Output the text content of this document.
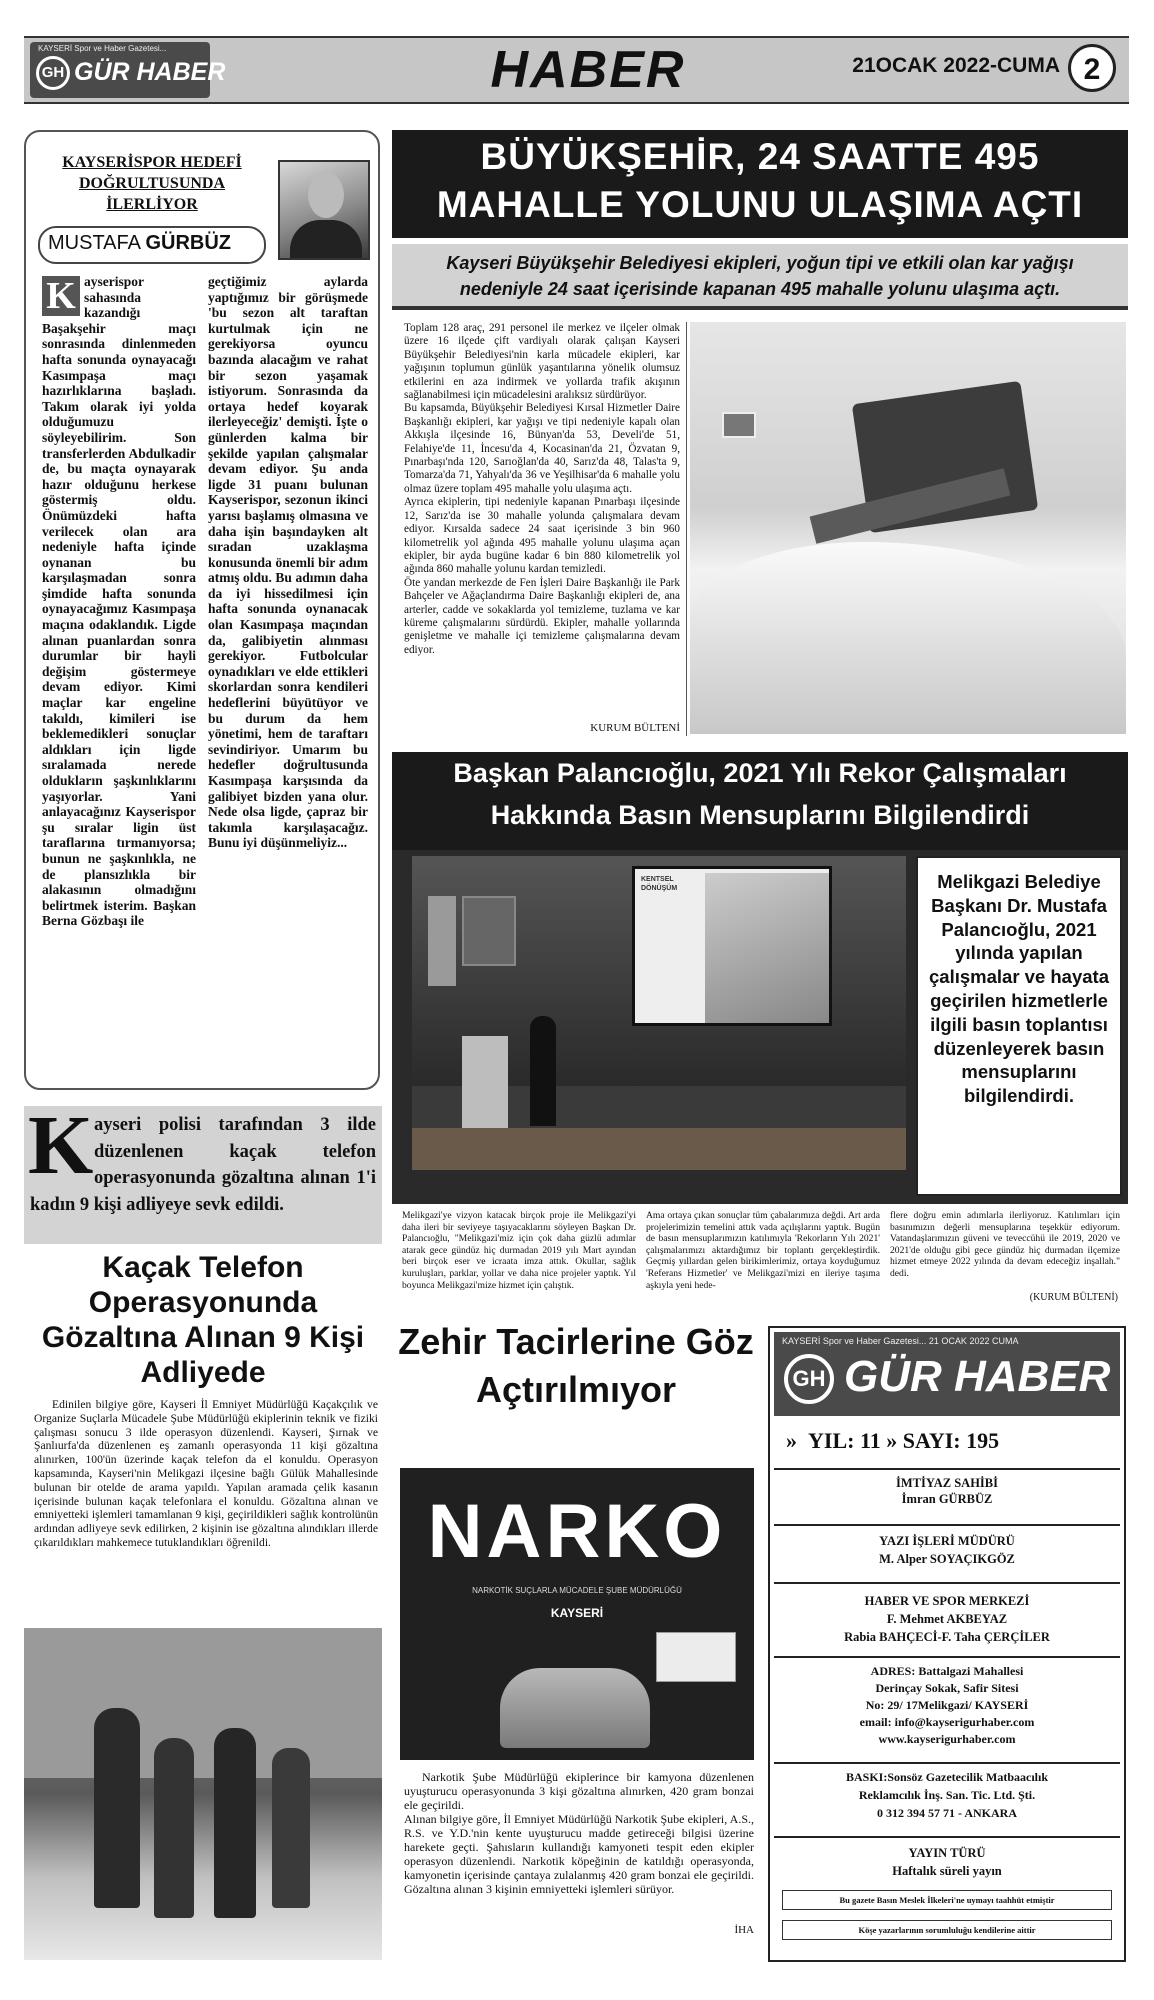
KAYSERİ Spor ve Haber Gazetesi...
GH GÜR HABER	HABER	21OCAK 2022-CUMA 2
KAYSERİSPOR HEDEFİ DOĞRULTUSUNDA İLERLİYOR
MUSTAFA GÜRBÜZ
K ayserispor sahasında kazandığı Başakşehir maçı sonrasında dinlenmeden hafta sonunda oynayacağı Kasımpaşa maçı hazırlıklarına başladı. Takım olarak iyi yolda olduğumuzu söyleyebilirim. Son transferlerden Abdulkadir de, bu maçta oynayarak hazır olduğunu herkese göstermiş oldu. Önümüzdeki hafta verilecek olan ara nedeniyle hafta içinde oynanan bu karşılaşmadan sonra şimdide hafta sonunda oynayacağımız Kasımpaşa maçına odaklandık. Ligde alınan puanlardan sonra durumlar bir hayli değişim göstermeye devam ediyor. Kimi maçlar kar engeline takıldı, kimileri ise beklemedikleri sonuçlar aldıkları için ligde sıralamada nerede oldukların şaşkınlıklarını yaşıyorlar. Yani anlayacağınız Kayserispor şu sıralar ligin üst taraflarına tırmanıyorsa; bunun ne şaşkınlıkla, ne de plansızlıkla bir alakasının olmadığını belirtmek isterim. Başkan Berna Gözbaşı ile
geçtiğimiz aylarda yaptığımız bir görüşmede 'bu sezon alt taraftan kurtulmak için ne gerekiyorsa oyuncu bazında alacağım ve rahat bir sezon yaşamak istiyorum. Sonrasında da ortaya hedef koyarak ilerleyeceğiz' demişti. İşte o günlerden kalma bir şekilde yapılan çalışmalar devam ediyor. Şu anda ligde 31 puanı bulunan Kayserispor, sezonun ikinci yarısı başlamış olmasına ve daha işin başındayken alt sıradan uzaklaşma konusunda önemli bir adım atmış oldu. Bu adımın daha da iyi hissedilmesi için hafta sonunda oynanacak olan Kasımpaşa maçından da, galibiyetin alınması gerekiyor. Futbolcular oynadıkları ve elde ettikleri skorlardan sonra kendileri hedeflerini büyütüyor ve bu durum da hem yönetimi, hem de taraftarı sevindiriyor. Umarım bu hedefler doğrultusunda Kasımpaşa karşısında da galibiyet bizden yana olur. Nede olsa ligde, çapraz bir takımla karşılaşacağız. Bunu iyi düşünmeliyiz...
BÜYÜKŞEHİR, 24 SAATTE 495
MAHALLE YOLUNU ULAŞIMA AÇTI
Kayseri Büyükşehir Belediyesi ekipleri, yoğun tipi ve etkili olan kar yağışı nedeniyle 24 saat içerisinde kapanan 495 mahalle yolunu ulaşıma açtı.
Toplam 128 araç, 291 personel ile merkez ve ilçeler olmak üzere 16 ilçede çift vardiyalı olarak çalışan Kayseri Büyükşehir Belediyesi'nin karla mücadele ekipleri, kar yağışının toplumun günlük yaşantılarına yönelik olumsuz etkilerini en aza indirmek ve yollarda trafik akışının sağlanabilmesi için mücadelesini aralıksız sürdürüyor.
Bu kapsamda, Büyükşehir Belediyesi Kırsal Hizmetler Daire Başkanlığı ekipleri, kar yağışı ve tipi nedeniyle kapalı olan Akkışla ilçesinde 16, Bünyan'da 53, Develi'de 51, Felahiye'de 11, İncesu'da 4, Kocasinan'da 21, Özvatan 9, Pınarbaşı'nda 120, Sarıoğlan'da 40, Sarız'da 48, Talas'ta 9, Tomarza'da 71, Yahyalı'da 36 ve Yeşilhisar'da 6 mahalle yolu olmaz üzere toplam 495 mahalle yolu ulaşıma açtı.
Ayrıca ekiplerin, tipi nedeniyle kapanan Pınarbaşı ilçesinde 12, Sarız'da ise 30 mahalle yolunda çalışmalara devam ediyor. Kırsalda sadece 24 saat içerisinde 3 bin 960 kilometrelik yol ağında 495 mahalle yolunu ulaşıma açan ekipler, bir ayda bugüne kadar 6 bin 880 kilometrelik yol ağında 860 mahalle yolunu kardan temizledi.
Öte yandan merkezde de Fen İşleri Daire Başkanlığı ile Park Bahçeler ve Ağaçlandırma Daire Başkanlığı ekipleri de, ana arterler, cadde ve sokaklarda yol temizleme, tuzlama ve kar küreme çalışmalarını sürdürdü. Ekipler, mahalle yollarında genişletme ve mahalle içi temizleme çalışmalarına devam ediyor.
KURUM BÜLTENİ
Başkan Palancıoğlu, 2021 Yılı Rekor Çalışmaları
Hakkında Basın Mensuplarını Bilgilendirdi
KENTSEL DÖNÜŞÜM	Melikgazi Belediye Başkanı Dr. Mustafa Palancıoğlu, 2021 yılında yapılan çalışmalar ve hayata geçirilen hizmetlerle ilgili basın toplantısı düzenleyerek basın mensuplarını bilgilendirdi.
Melikgazi'ye vizyon katacak birçok proje ile Melikgazi'yi daha ileri bir seviyeye taşıyacaklarını söyleyen Başkan Dr. Palancıoğlu, "Melikgazi'miz için çok daha güzlü adımlar atarak gece gündüz hiç durmadan 2019 yılı Mart ayından beri birçok eser ve icraata imza attık. Okullar, sağlık kuruluşları, parklar, yollar ve daha nice projeler yaptık. Yıl boyunca Melikgazi'mize hizmet için çalıştık.
Ama ortaya çıkan sonuçlar tüm çabalarımıza değdi. Art arda projelerimizin temelini attık vada açılışlarını yaptık. Bugün de basın mensuplarımızın katılımıyla 'Rekorların Yılı 2021' çalışmalarımızı aktardığımız bir toplantı gerçekleştirdik. Geçmiş yıllardan gelen birikimlerimiz, ortaya koyduğumuz 'Referans Hizmetler' ve Melikgazi'mizi en ileriye taşıma aşkıyla yeni hede-
flere doğru emin adımlarla ilerliyoruz. Katılımları için basınımızın değerli mensuplarına teşekkür ediyorum. Vatandaşlarımızın güveni ve teveccühü ile 2019, 2020 ve 2021'de olduğu gibi gece gündüz hiç durmadan ilçemize hizmet etmeye 2022 yılında da devam edeceğiz inşallah." dedi.
(KURUM BÜLTENİ)
K ayseri polisi tarafından 3 ilde düzenlenen kaçak telefon operasyonunda gözaltına alınan 1'i kadın 9 kişi adliyeye sevk edildi.
Kaçak Telefon Operasyonunda Gözaltına Alınan 9 Kişi Adliyede
Edinilen bilgiye göre, Kayseri İl Emniyet Müdürlüğü Kaçakçılık ve Organize Suçlarla Mücadele Şube Müdürlüğü ekiplerinin teknik ve fiziki çalışması sonucu 3 ilde operasyon düzenlendi. Kayseri, Şırnak ve Şanlıurfa'da düzenlenen eş zamanlı operasyonda 11 kişi gözaltına alınırken, 100'ün üzerinde kaçak telefon da el konuldu. Operasyon kapsamında, Kayseri'nin Melikgazi ilçesine bağlı Gülük Mahallesinde bulunan bir otelde de arama yapıldı. Yapılan aramada çelik kasanın içerisinde bulunan kaçak telefonlara el konuldu. Gözaltına alınan ve emniyetteki işlemleri tamamlanan 9 kişi, geçirildikleri sağlık kontrolünün ardından adliyeye sevk edilirken, 2 kişinin ise gözaltına alındıkları illerde çıkarıldıkları mahkemece tutuklandıkları öğrenildi.
Zehir Tacirlerine Göz Açtırılmıyor
NARKO
NARKOTİK SUÇLARLA MÜCADELE ŞUBE MÜDÜRLÜĞÜ
KAYSERİ
Narkotik Şube Müdürlüğü ekiplerince bir kamyona düzenlenen uyuşturucu operasyonunda 3 kişi gözaltına alınırken, 420 gram bonzai ele geçirildi.
Alınan bilgiye göre, İl Emniyet Müdürlüğü Narkotik Şube ekipleri, A.S., R.S. ve Y.D.'nin kente uyuşturucu madde getireceği bilgisi üzerine harekete geçti. Şahısların kullandığı kamyoneti tespit eden ekipler operasyon düzenlendi. Narkotik köpeğinin de katıldığı operasyonda, kamyonetin içerisinde çantaya zulalanmış 420 gram bonzai ele geçirildi. Gözaltına alınan 3 kişinin emniyetteki işlemleri sürüyor.
İHA
KAYSERİ Spor ve Haber Gazetesi... 21 OCAK 2022 CUMA
GH GÜR HABER
» YIL: 11 » SAYI: 195
İMTİYAZ SAHİBİ
İmran GÜRBÜZ
YAZI İŞLERİ MÜDÜRÜ
M. Alper SOYAÇIKGÖZ
HABER VE SPOR MERKEZİ
F. Mehmet AKBEYAZ
Rabia BAHÇECİ-F. Taha ÇERÇİLER
ADRES: Battalgazi Mahallesi
Derinçay Sokak, Safir Sitesi
No: 29/ 17Melikgazi/ KAYSERİ
email: info@kayserigurhaber.com
www.kayserigurhaber.com
BASKI:Sonsöz Gazetecilik Matbaacılık
Reklamcılık İnş. San. Tic. Ltd. Şti.
0 312 394 57 71 - ANKARA
YAYIN TÜRÜ
Haftalık süreli yayın
Bu gazete Basın Meslek İlkeleri'ne uymayı taahhüt etmiştir
Köşe yazarlarının sorumluluğu kendilerine aittir
